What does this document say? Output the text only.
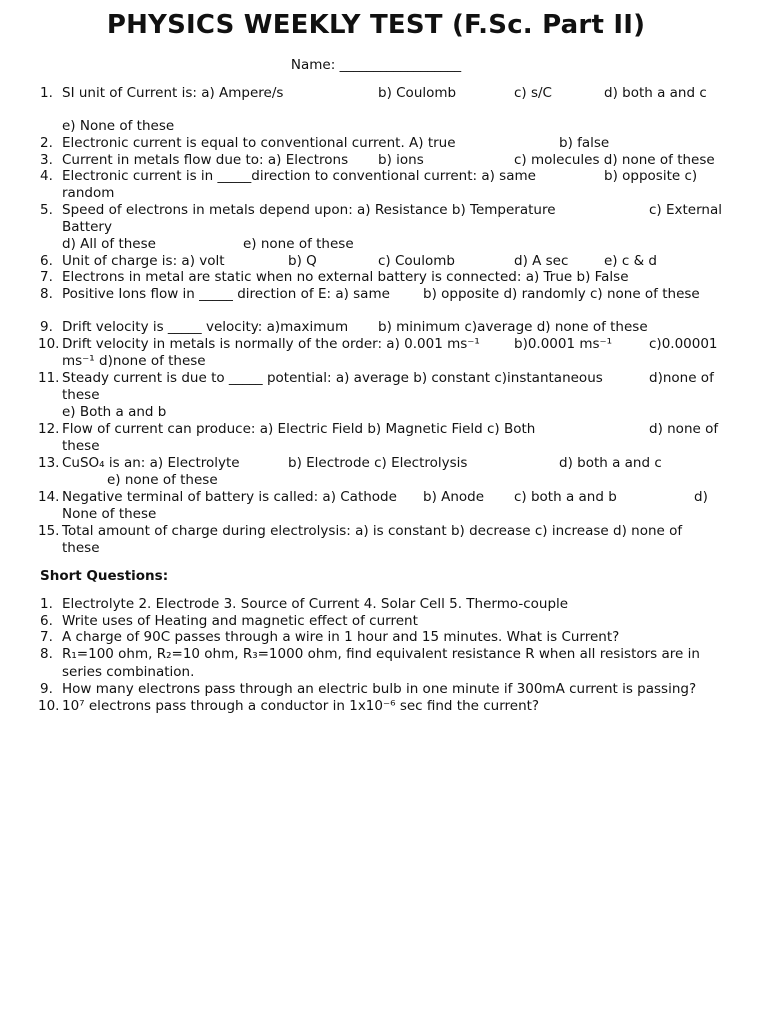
PHYSICS WEEKLY TEST (F.Sc. Part II)
Name: __________________
1. SI unit of Current is: a) Ampere/s	b) Coulomb	c) s/C	d) both a and c
e) None of these
2. Electronic current is equal to conventional current. A) true	b) false
3. Current in metals flow due to: a) Electrons b) ions	c) molecules d) none of these
4. Electronic current is in _____direction to conventional current: a) same	b) opposite c)
random
5. Speed of electrons in metals depend upon: a) Resistance b) Temperature	c) External
Battery
d) All of these	e) none of these
6. Unit of charge is: a) volt	b) Q	c) Coulomb	d) A sec	e) c & d
7. Electrons in metal are static when no external battery is connected: a) True b) False
8. Positive Ions flow in _____ direction of E: a) same b) opposite d) randomly c) none of these
9. Drift velocity is _____ velocity: a)maximum b) minimum c)average d) none of these
10. Drift velocity in metals is normally of the order: a) 0.001 ms⁻¹	b)0.0001 ms⁻¹	c)0.00001
ms⁻¹ d)none of these
11. Steady current is due to _____ potential: a) average b) constant c)instantaneous	d)none of
these
e) Both a and b
12. Flow of current can produce: a) Electric Field b) Magnetic Field c) Both	d) none of
these
13. CuSO₄ is an: a) Electrolyte	b) Electrode c) Electrolysis	d) both a and c
e) none of these
14. Negative terminal of battery is called: a) Cathode b) Anode c) both a and b	d)
None of these
15. Total amount of charge during electrolysis: a) is constant b) decrease c) increase d) none of
these
Short Questions:
1. Electrolyte 2. Electrode 3. Source of Current 4. Solar Cell 5. Thermo-couple
6. Write uses of Heating and magnetic effect of current
7. A charge of 90C passes through a wire in 1 hour and 15 minutes. What is Current?
8. R₁=100 ohm, R₂=10 ohm, R₃=1000 ohm, find equivalent resistance R when all resistors are in
series combination.
9. How many electrons pass through an electric bulb in one minute if 300mA current is passing?
10. 10⁷ electrons pass through a conductor in 1x10⁻⁶ sec find the current?
